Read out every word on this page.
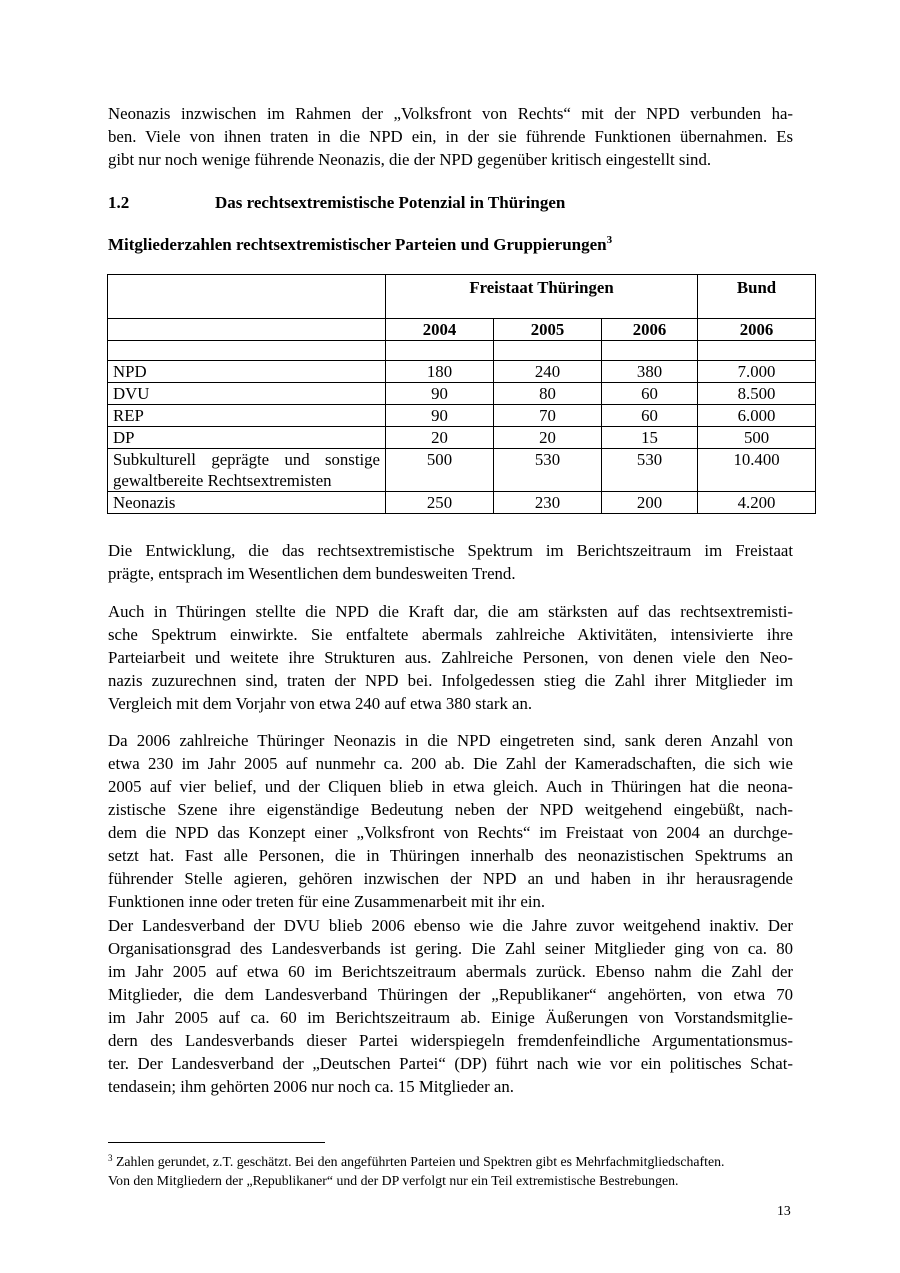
Neonazis inzwischen im Rahmen der „Volksfront von Rechts“ mit der NPD verbunden ha-
ben. Viele von ihnen traten in die NPD ein, in der sie führende Funktionen übernahmen. Es
gibt nur noch wenige führende Neonazis, die der NPD gegenüber kritisch eingestellt sind.
1.2	Das rechtsextremistische Potenzial in Thüringen
Mitgliederzahlen rechtsextremistischer Parteien und Gruppierungen$^3$
	Freistaat Thüringen			Bund
	2004	2005	2006	2006

NPD	180	240	380	7.000
DVU	90	80	60	8.500
REP	90	70	60	6.000
DP	20	20	15	500

Subkulturell geprägte und sonstige
gewaltbereite Rechtsextremisten	500	530	530	10.400
Neonazis	250	230	200	4.200
Die Entwicklung, die das rechtsextremistische Spektrum im Berichtszeitraum im Freistaat
prägte, entsprach im Wesentlichen dem bundesweiten Trend.
Auch in Thüringen stellte die NPD die Kraft dar, die am stärksten auf das rechtsextremisti-
sche Spektrum einwirkte. Sie entfaltete abermals zahlreiche Aktivitäten, intensivierte ihre
Parteiarbeit und weitete ihre Strukturen aus. Zahlreiche Personen, von denen viele den Neo-
nazis zuzurechnen sind, traten der NPD bei. Infolgedessen stieg die Zahl ihrer Mitglieder im
Vergleich mit dem Vorjahr von etwa 240 auf etwa 380 stark an.
Da 2006 zahlreiche Thüringer Neonazis in die NPD eingetreten sind, sank deren Anzahl von
etwa 230 im Jahr 2005 auf nunmehr ca. 200 ab. Die Zahl der Kameradschaften, die sich wie
2005 auf vier belief, und der Cliquen blieb in etwa gleich. Auch in Thüringen hat die neona-
zistische Szene ihre eigenständige Bedeutung neben der NPD weitgehend eingebüßt, nach-
dem die NPD das Konzept einer „Volksfront von Rechts“ im Freistaat von 2004 an durchge-
setzt hat. Fast alle Personen, die in Thüringen innerhalb des neonazistischen Spektrums an
führender Stelle agieren, gehören inzwischen der NPD an und haben in ihr herausragende
Funktionen inne oder treten für eine Zusammenarbeit mit ihr ein.
Der Landesverband der DVU blieb 2006 ebenso wie die Jahre zuvor weitgehend inaktiv. Der
Organisationsgrad des Landesverbands ist gering. Die Zahl seiner Mitglieder ging von ca. 80
im Jahr 2005 auf etwa 60 im Berichtszeitraum abermals zurück. Ebenso nahm die Zahl der
Mitglieder, die dem Landesverband Thüringen der „Republikaner“ angehörten, von etwa 70
im Jahr 2005 auf ca. 60 im Berichtszeitraum ab. Einige Äußerungen von Vorstandsmitglie-
dern des Landesverbands dieser Partei widerspiegeln fremdenfeindliche Argumentationsmus-
ter. Der Landesverband der „Deutschen Partei“ (DP) führt nach wie vor ein politisches Schat-
tendasein; ihm gehörten 2006 nur noch ca. 15 Mitglieder an.
$^3$ Zahlen gerundet, z.T. geschätzt. Bei den angeführten Parteien und Spektren gibt es Mehrfachmitgliedschaften.
Von den Mitgliedern der „Republikaner“ und der DP verfolgt nur ein Teil extremistische Bestrebungen.
13
